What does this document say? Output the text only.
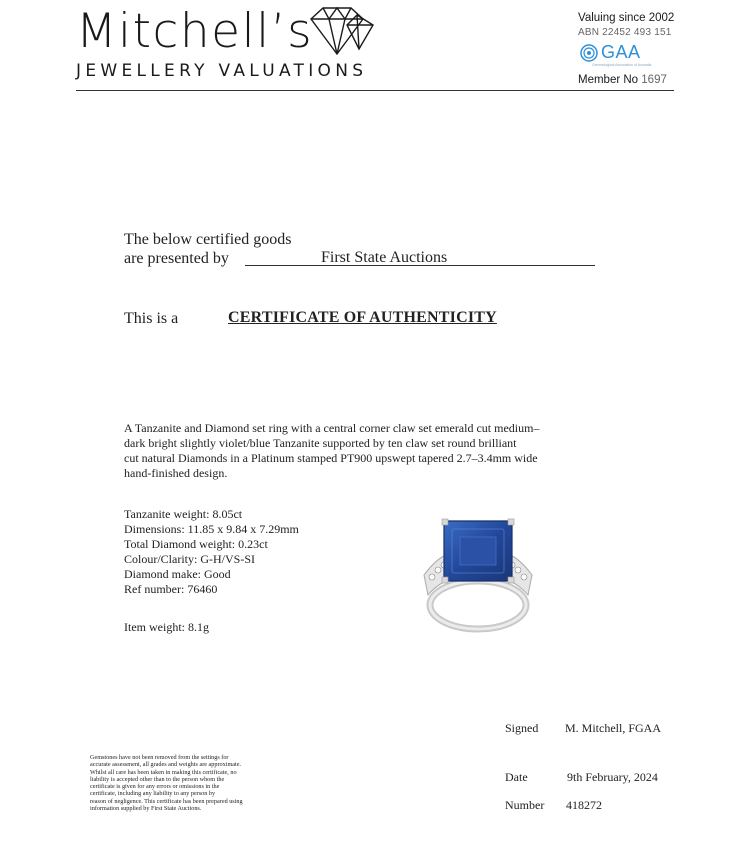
Mitchell’s
JEWELLERY VALUATIONS
Valuing since 2002
ABN 22452 493 151
GAA
Gemmological Association of Australia
Member No 1697
The below certified goods
are presented by	First State Auctions
This is a	CERTIFICATE OF AUTHENTICITY
A Tanzanite and Diamond set ring with a central corner claw set emerald cut medium–
dark bright slightly violet/blue Tanzanite supported by ten claw set round brilliant
cut natural Diamonds in a Platinum stamped PT900 upswept tapered 2.7–3.4mm wide
hand-finished design.
Tanzanite weight: 8.05ct
Dimensions: 11.85 x 9.84 x 7.29mm
Total Diamond weight: 0.23ct
Colour/Clarity: G-H/VS-SI
Diamond make: Good
Ref number: 76460
Item weight: 8.1g
Signed M. Mitchell, FGAA
Date	9th February, 2024
Number 418272
Gemstones have not been removed from the settings for
accurate assessment, all grades and weights are approximate.
Whilst all care has been taken in making this certificate, no
liability is accepted other than to the person whom the
certificate is given for any errors or omissions in the
certificate, including any liability to any person by
reason of negligence. This certificate has been prepared using
information supplied by First State Auctions.
